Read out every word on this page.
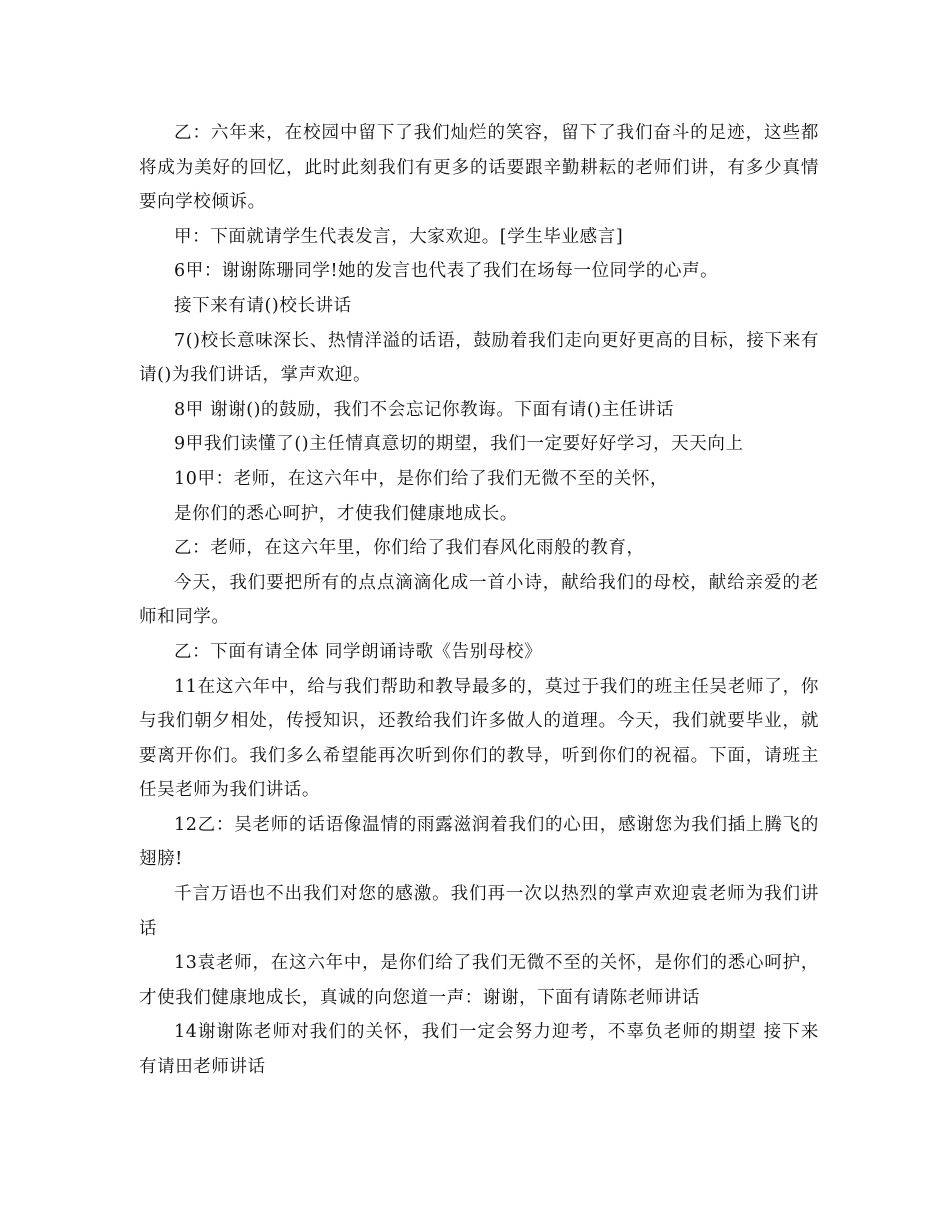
乙：六年来，在校园中留下了我们灿烂的笑容，留下了我们奋斗的足迹，这些都将成为美好的回忆，此时此刻我们有更多的话要跟辛勤耕耘的老师们讲，有多少真情要向学校倾诉。

甲：下面就请学生代表发言，大家欢迎。[学生毕业感言]

6甲：谢谢陈珊同学!她的发言也代表了我们在场每一位同学的心声。

接下来有请()校长讲话

7()校长意味深长、热情洋溢的话语，鼓励着我们走向更好更高的目标，接下来有请()为我们讲话，掌声欢迎。

8甲 谢谢()的鼓励，我们不会忘记你教诲。下面有请()主任讲话

9甲我们读懂了()主任情真意切的期望，我们一定要好好学习，天天向上

10甲：老师，在这六年中，是你们给了我们无微不至的关怀，

是你们的悉心呵护，才使我们健康地成长。

乙：老师，在这六年里，你们给了我们春风化雨般的教育，

今天，我们要把所有的点点滴滴化成一首小诗，献给我们的母校，献给亲爱的老师和同学。

乙：下面有请全体 同学朗诵诗歌《告别母校》

11在这六年中，给与我们帮助和教导最多的，莫过于我们的班主任吴老师了，你与我们朝夕相处，传授知识，还教给我们许多做人的道理。今天，我们就要毕业，就要离开你们。我们多么希望能再次听到你们的教导，听到你们的祝福。下面，请班主任吴老师为我们讲话。

12乙：吴老师的话语像温情的雨露滋润着我们的心田，感谢您为我们插上腾飞的翅膀!

千言万语也不出我们对您的感激。我们再一次以热烈的掌声欢迎袁老师为我们讲话

13袁老师，在这六年中，是你们给了我们无微不至的关怀，是你们的悉心呵护，才使我们健康地成长，真诚的向您道一声：谢谢，下面有请陈老师讲话

14谢谢陈老师对我们的关怀，我们一定会努力迎考，不辜负老师的期望 接下来有请田老师讲话
